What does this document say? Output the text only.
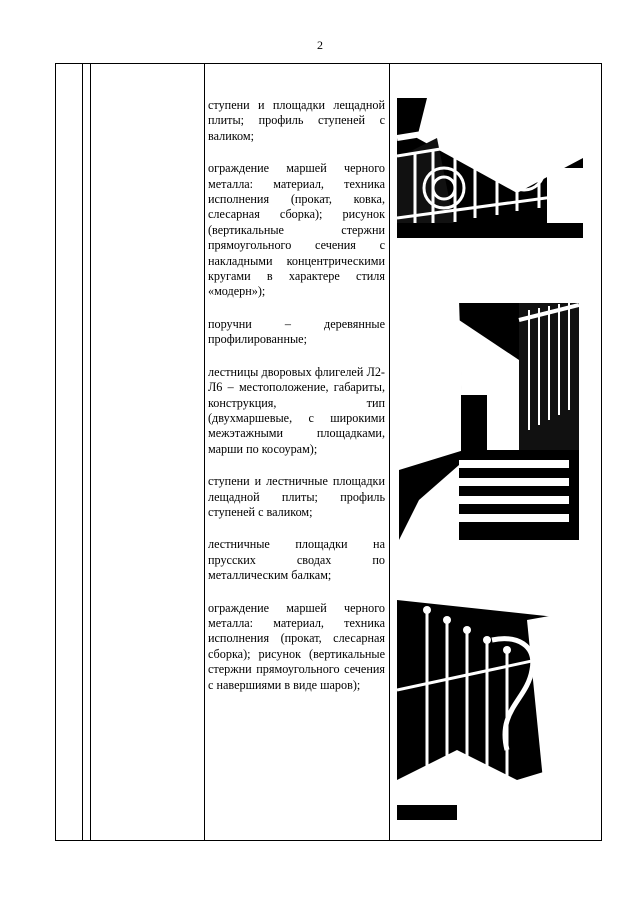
2

ступени и площадки лещадной плиты; профиль ступеней с валиком;

ограждение маршей черного металла: материал, техника исполнения (прокат, ковка, слесарная сборка); рисунок (вертикальные стержни прямоугольного сечения с накладными концентрическими кругами в характере стиля «модерн»);

поручни – деревянные профилированные;

лестницы дворовых флигелей Л2-Л6 – местоположение, габариты, конструкция, тип (двухмаршевые, с широкими межэтажными площадками, марши по косоурам);

ступени и лестничные площадки лещадной плиты; профиль ступеней с валиком;

лестничные площадки на прусских сводах по металлическим балкам;

ограждение маршей черного металла: материал, техника исполнения (прокат, слесарная сборка); рисунок (вертикальные стержни прямоугольного сечения с навершиями в виде шаров);
